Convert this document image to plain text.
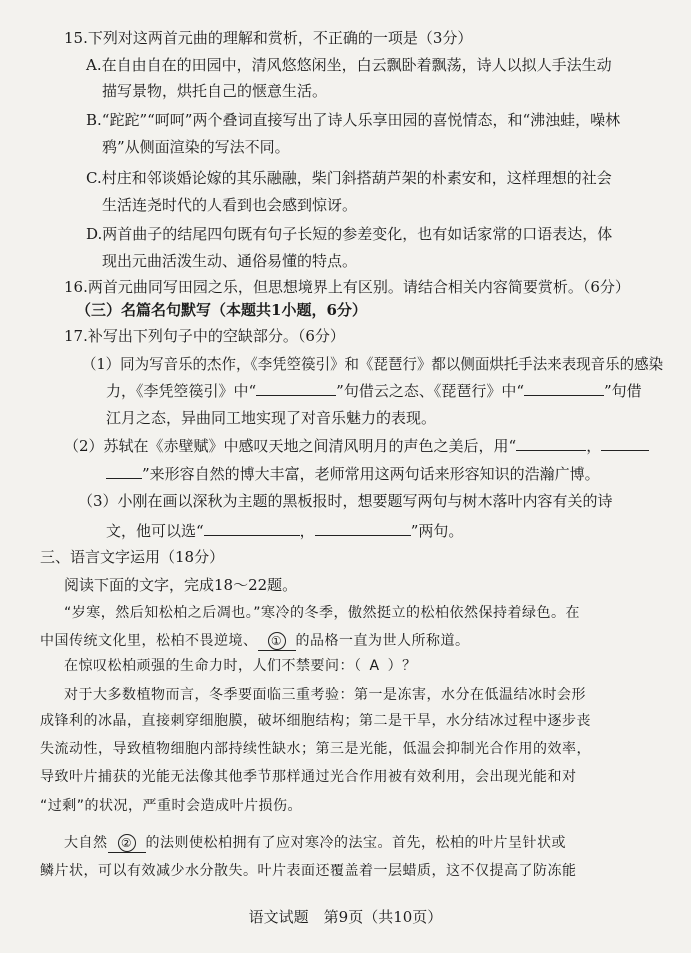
15.下列对这两首元曲的理解和赏析，不正确的一项是（3分）
A.在自由自在的田园中，清风悠悠闲坐，白云飘卧着飘荡，诗人以拟人手法生动
描写景物，烘托自己的惬意生活。
B.“跎跎”“呵呵”两个叠词直接写出了诗人乐享田园的喜悦情态，和“沸浊蛙，噪林
鸦”从侧面渲染的写法不同。
C.村庄和邻谈婚论嫁的其乐融融，柴门斜搭葫芦架的朴素安和，这样理想的社会
生活连尧时代的人看到也会感到惊讶。
D.两首曲子的结尾四句既有句子长短的参差变化，也有如话家常的口语表达，体
现出元曲活泼生动、通俗易懂的特点。
16.两首元曲同写田园之乐，但思想境界上有区别。请结合相关内容简要赏析。（6分）
（三）名篇名句默写（本题共1小题，6分）
17.补写出下列句子中的空缺部分。（6分）
（1）同为写音乐的杰作，《李凭箜篌引》和《琵琶行》都以侧面烘托手法来表现音乐的感染
力，《李凭箜篌引》中“	”句借云之态、《琵琶行》中“	”句借
江月之态，异曲同工地实现了对音乐魅力的表现。
（2）苏轼在《赤壁赋》中感叹天地之间清风明月的声色之美后，用“	，
”来形容自然的博大丰富，老师常用这两句话来形容知识的浩瀚广博。
（3）小刚在画以深秋为主题的黑板报时，想要题写两句与树木落叶内容有关的诗
文，他可以选“	，	”两句。
三、语言文字运用（18分）
阅读下面的文字，完成18～22题。
“岁寒，然后知松柏之后凋也。”寒冷的冬季，傲然挺立的松柏依然保持着绿色。在
中国传统文化里，松柏不畏逆境、 ① 的品格一直为世人所称道。
在惊叹松柏顽强的生命力时，人们不禁要问：（ A ）？
对于大多数植物而言，冬季要面临三重考验：第一是冻害，水分在低温结冰时会形
成锋利的冰晶，直接刺穿细胞膜，破坏细胞结构；第二是干旱，水分结冰过程中逐步丧
失流动性，导致植物细胞内部持续性缺水；第三是光能，低温会抑制光合作用的效率，
导致叶片捕获的光能无法像其他季节那样通过光合作用被有效利用，会出现光能和对
“过剩”的状况，严重时会造成叶片损伤。
大自然 ② 的法则使松柏拥有了应对寒冷的法宝。首先，松柏的叶片呈针状或
鳞片状，可以有效减少水分散失。叶片表面还覆盖着一层蜡质，这不仅提高了防冻能
语文试题　第9页（共10页）
